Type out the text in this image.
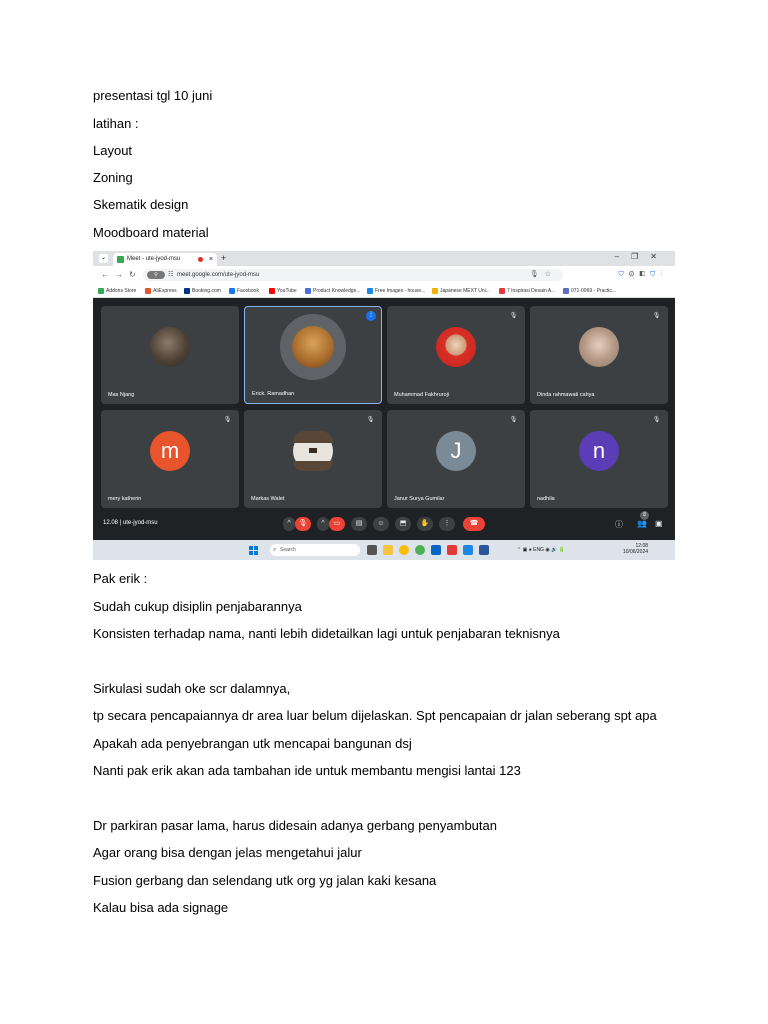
presentasi tgl 10 juni
latihan :
Layout
Zoning
Skematik design
Moodboard material
⌄	Meet - ute-jyod-msu	× +	–❐✕
← → ↻	⚲	☷ meet.google.com/ute-jyod-msu	🎙☆	⛉⚙◧⛉⋮
Addons Store	AliExpress	Booking.com	Facebook	YouTube	Product Knowledge...	Free Images - house...	Japanese MEXT Uni...	7 Inspirasi Desain A...	071-0069 - Practic...
Mas Njang
⁞
Erick. Ramadhan
🎙
Muhammad Fakhruroji
🎙
Dinda rahmawati cahya
🎙
m
mery katherin
🎙
Markas Walet
🎙
J
Janur Surya Gumilar
🎙
n
nadhila
12.08 | ute-jyod-msu	^	🎙	^	▭	▤	☺	⬒	✋	⋮	☎	ⓘ
8
👥 ▣
⌕ Search	⌃ ▣ ● ENG ◉ 🔊 🔋
12:08
10/06/2024
Pak erik :
Sudah cukup disiplin penjabarannya
Konsisten terhadap nama, nanti lebih didetailkan lagi untuk penjabaran teknisnya
Sirkulasi sudah oke scr dalamnya,
tp secara pencapaiannya dr area luar belum dijelaskan. Spt pencapaian dr jalan seberang spt apa
Apakah ada penyebrangan utk mencapai bangunan dsj
Nanti pak erik akan ada tambahan ide untuk membantu mengisi lantai 123
Dr parkiran pasar lama, harus didesain adanya gerbang penyambutan
Agar orang bisa dengan jelas mengetahui jalur
Fusion gerbang dan selendang utk org yg jalan kaki kesana
Kalau bisa ada signage
